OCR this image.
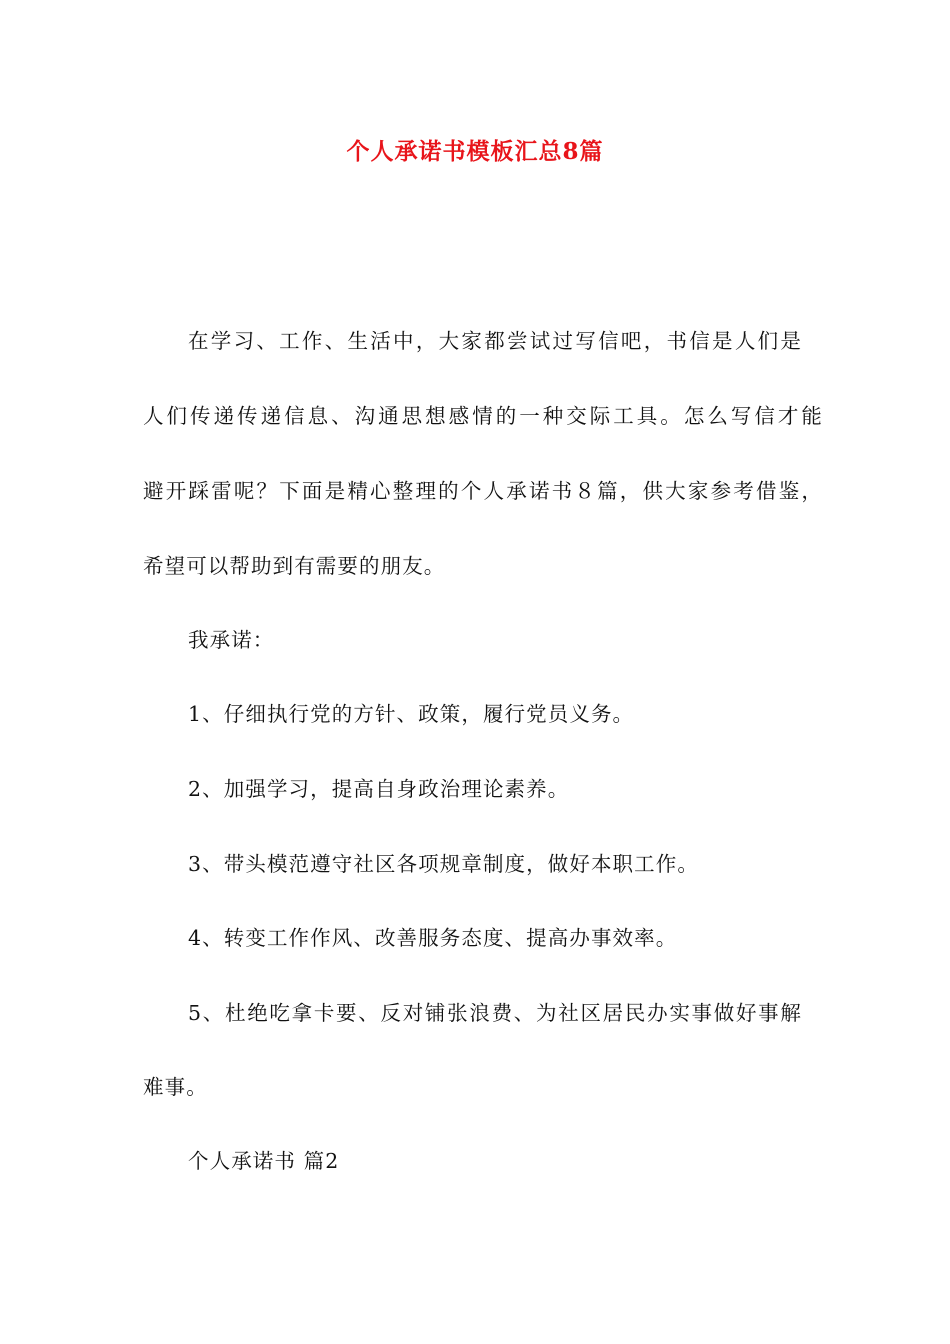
个人承诺书模板汇总8篇

在学习、工作、生活中，大家都尝试过写信吧，书信是人们是

人们传递传递信息、沟通思想感情的一种交际工具。怎么写信才能

避开踩雷呢？下面是精心整理的个人承诺书８篇，供大家参考借鉴，

希望可以帮助到有需要的朋友。

我承诺：

1、仔细执行党的方针、政策，履行党员义务。

2、加强学习，提高自身政治理论素养。

3、带头模范遵守社区各项规章制度，做好本职工作。

4、转变工作作风、改善服务态度、提高办事效率。

5、杜绝吃拿卡要、反对铺张浪费、为社区居民办实事做好事解

难事。

个人承诺书 篇2
